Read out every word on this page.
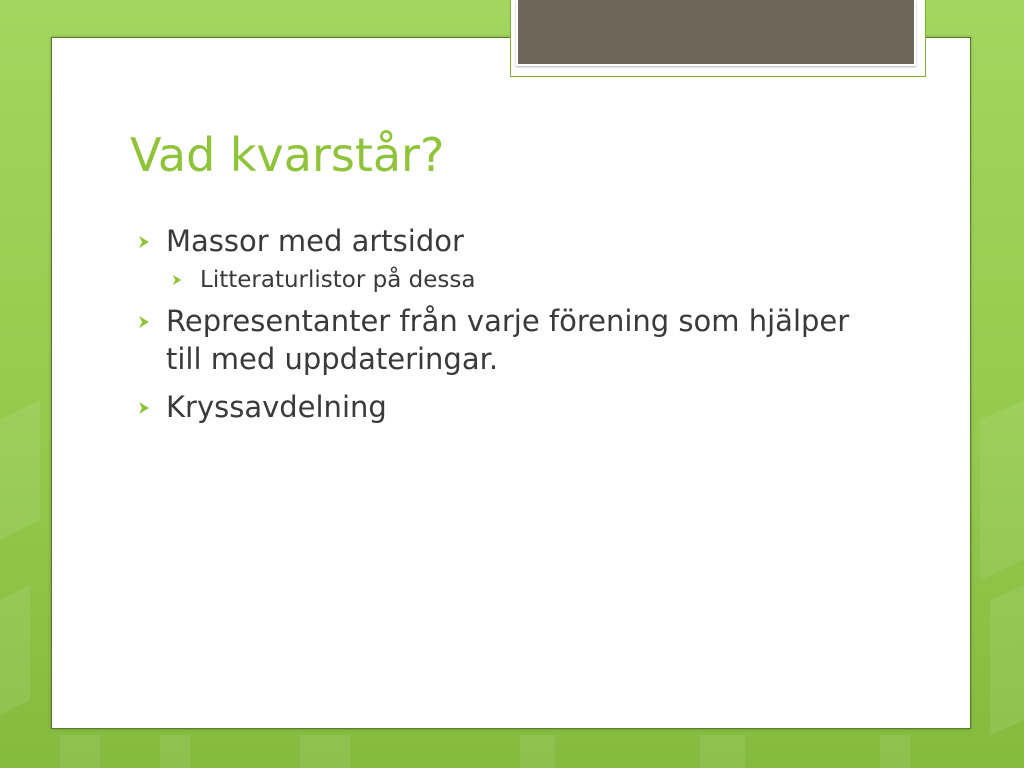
Vad kvarstår?
Massor med artsidor
Litteraturlistor på dessa
Representanter från varje förening som hjälper till med uppdateringar.
Kryssavdelning
